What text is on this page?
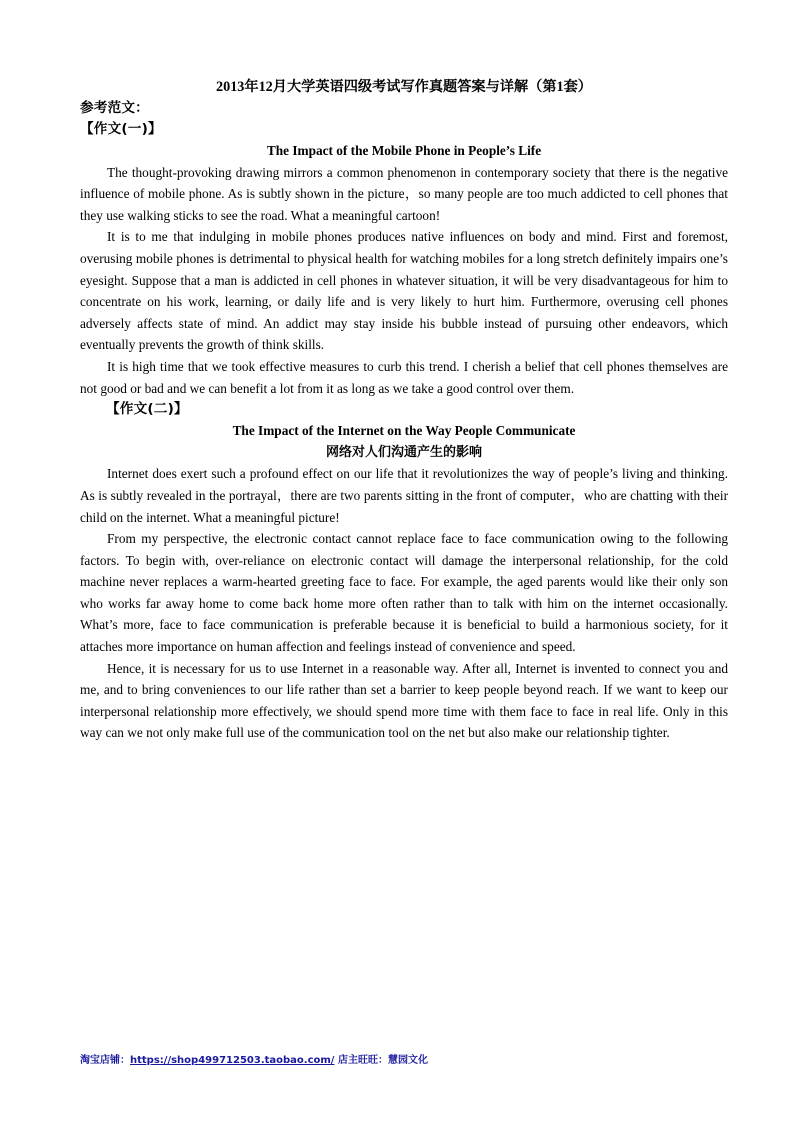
2013年12月大学英语四级考试写作真题答案与详解（第1套）

参考范文：

【作文(一)】

The Impact of the Mobile Phone in People’s Life

The thought-provoking drawing mirrors a common phenomenon in contemporary society that there is the negative influence of mobile phone. As is subtly shown in the picture，so many people are too much addicted to cell phones that they use walking sticks to see the road. What a meaningful cartoon!

It is to me that indulging in mobile phones produces native influences on body and mind. First and foremost, overusing mobile phones is detrimental to physical health for watching mobiles for a long stretch definitely impairs one’s eyesight. Suppose that a man is addicted in cell phones in whatever situation, it will be very disadvantageous for him to concentrate on his work, learning, or daily life and is very likely to hurt him. Furthermore, overusing cell phones adversely affects state of mind. An addict may stay inside his bubble instead of pursuing other endeavors, which eventually prevents the growth of think skills.

It is high time that we took effective measures to curb this trend. I cherish a belief that cell phones themselves are not good or bad and we can benefit a lot from it as long as we take a good control over them.

【作文(二)】

The Impact of the Internet on the Way People Communicate

网络对人们沟通产生的影响

Internet does exert such a profound effect on our life that it revolutionizes the way of people’s living and thinking. As is subtly revealed in the portrayal，there are two parents sitting in the front of computer，who are chatting with their child on the internet. What a meaningful picture!

From my perspective, the electronic contact cannot replace face to face communication owing to the following factors. To begin with, over-reliance on electronic contact will damage the interpersonal relationship, for the cold machine never replaces a warm-hearted greeting face to face. For example, the aged parents would like their only son who works far away home to come back home more often rather than to talk with him on the internet occasionally. What’s more, face to face communication is preferable because it is beneficial to build a harmonious society, for it attaches more importance on human affection and feelings instead of convenience and speed.

Hence, it is necessary for us to use Internet in a reasonable way. After all, Internet is invented to connect you and me, and to bring conveniences to our life rather than set a barrier to keep people beyond reach. If we want to keep our interpersonal relationship more effectively, we should spend more time with them face to face in real life. Only in this way can we not only make full use of the communication tool on the net but also make our relationship tighter.

淘宝店铺：https://shop499712503.taobao.com/ 店主旺旺：慧园文化
